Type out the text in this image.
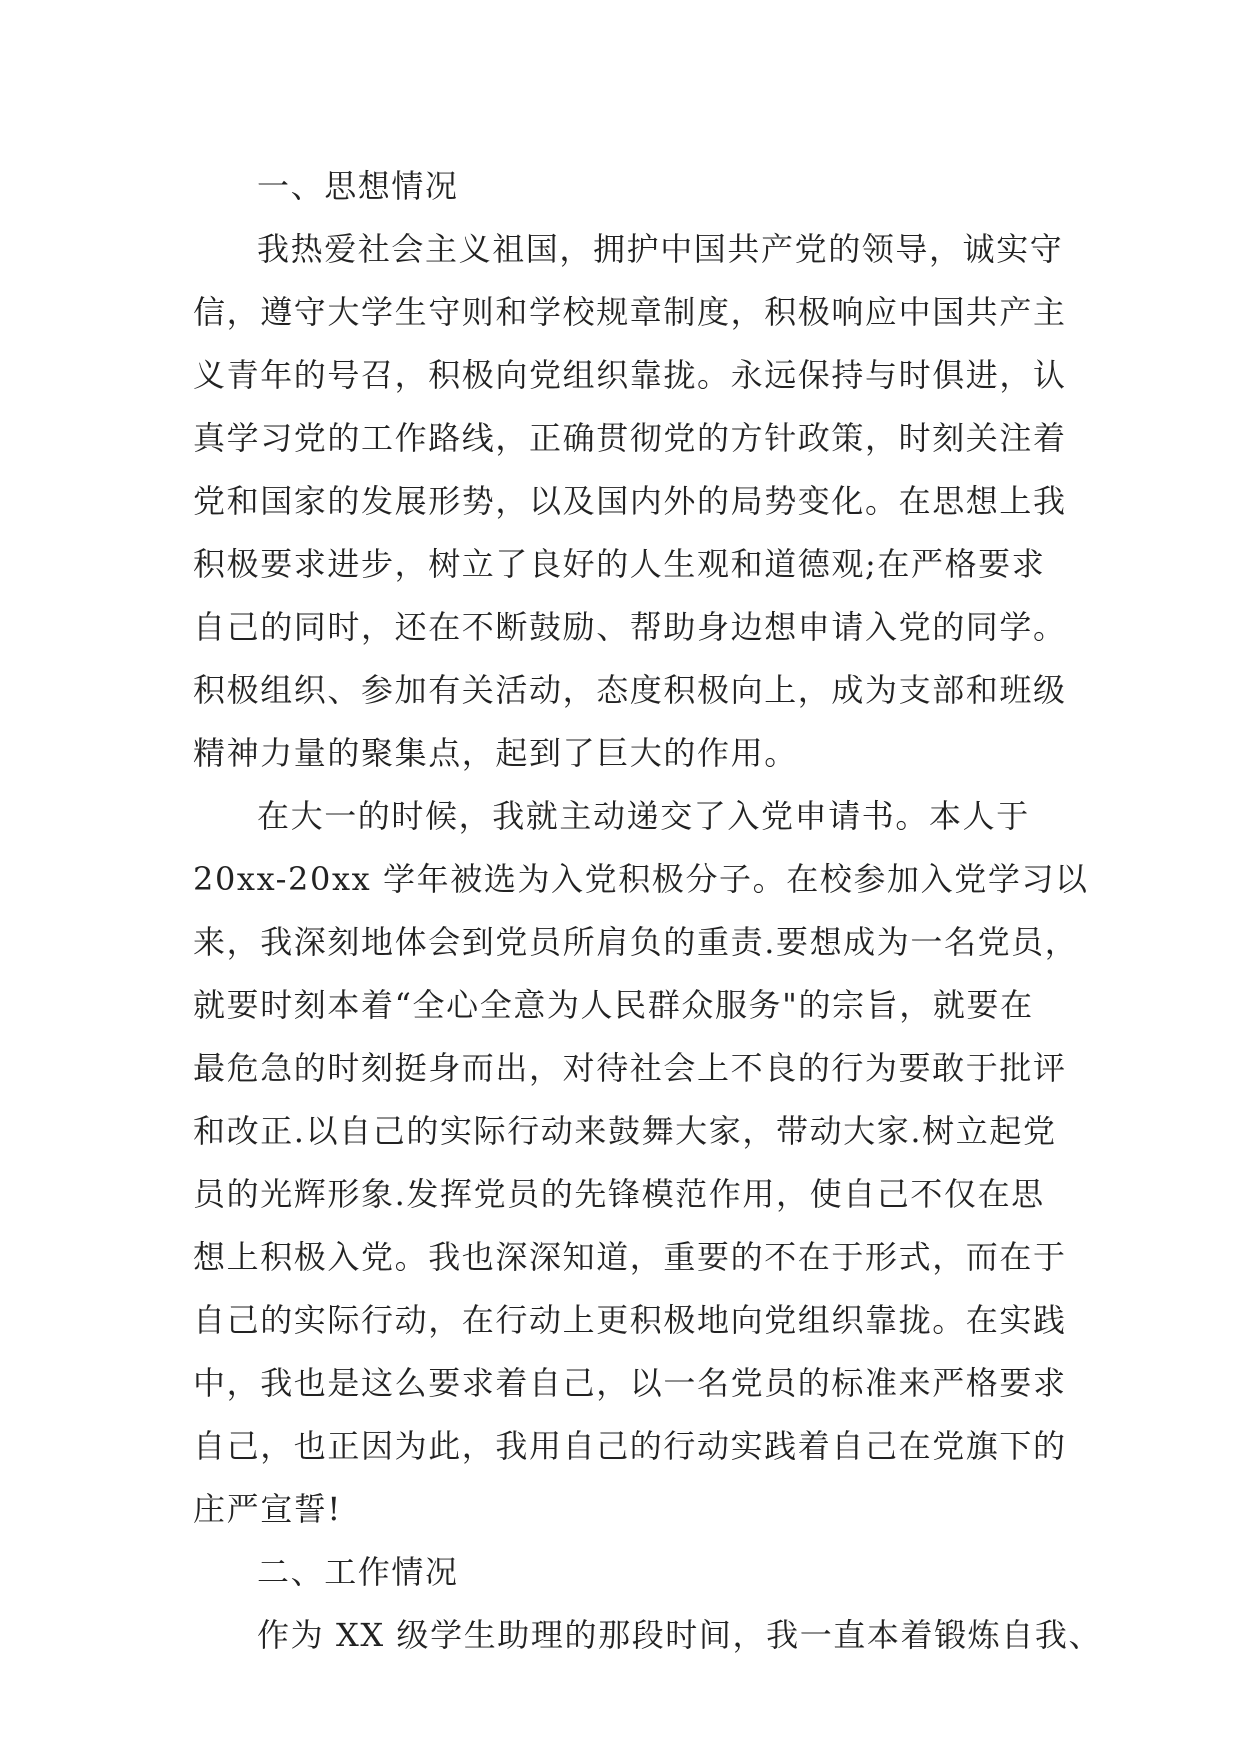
一、思想情况
我热爱社会主义祖国，拥护中国共产党的领导，诚实守
信，遵守大学生守则和学校规章制度，积极响应中国共产主
义青年的号召，积极向党组织靠拢。永远保持与时俱进，认
真学习党的工作路线，正确贯彻党的方针政策，时刻关注着
党和国家的发展形势，以及国内外的局势变化。在思想上我
积极要求进步，树立了良好的人生观和道德观;在严格要求
自己的同时，还在不断鼓励、帮助身边想申请入党的同学。
积极组织、参加有关活动，态度积极向上，成为支部和班级
精神力量的聚集点，起到了巨大的作用。
在大一的时候，我就主动递交了入党申请书。本人于
20xx-20xx 学年被选为入党积极分子。在校参加入党学习以
来，我深刻地体会到党员所肩负的重责.要想成为一名党员，
就要时刻本着“全心全意为人民群众服务"的宗旨，就要在
最危急的时刻挺身而出，对待社会上不良的行为要敢于批评
和改正.以自己的实际行动来鼓舞大家，带动大家.树立起党
员的光辉形象.发挥党员的先锋模范作用，使自己不仅在思
想上积极入党。我也深深知道，重要的不在于形式，而在于
自己的实际行动，在行动上更积极地向党组织靠拢。在实践
中，我也是这么要求着自己，以一名党员的标准来严格要求
自己，也正因为此，我用自己的行动实践着自己在党旗下的
庄严宣誓!
二、工作情况
作为 XX 级学生助理的那段时间，我一直本着锻炼自我、
